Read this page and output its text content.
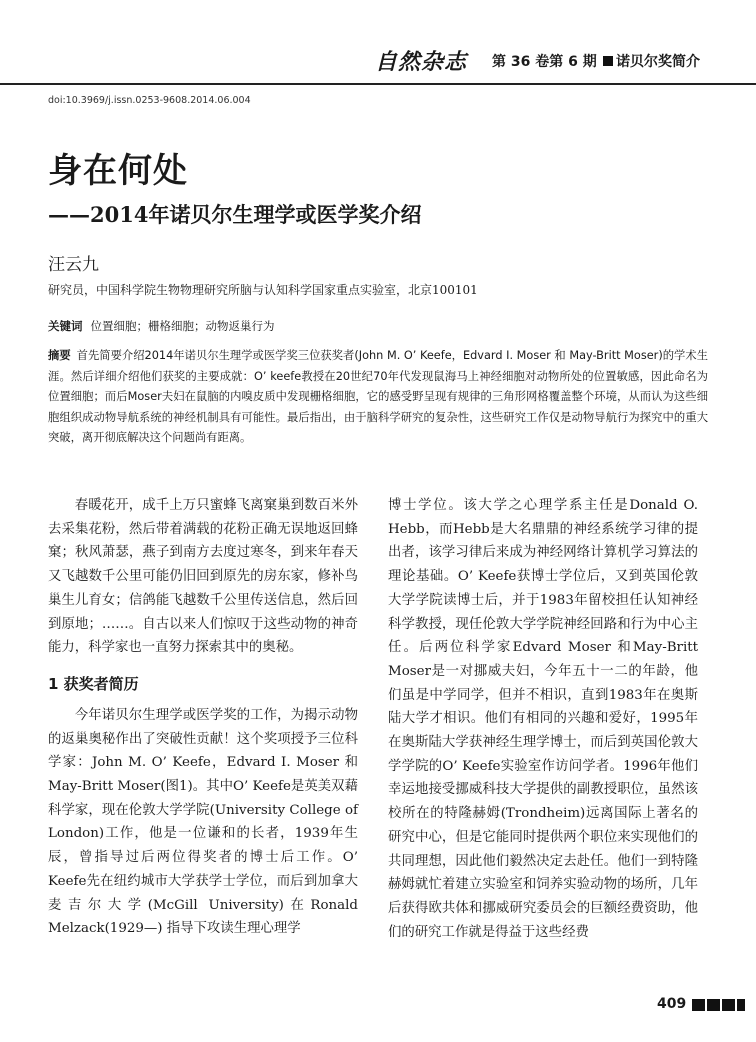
自然杂志 第 36 卷第 6 期	诺贝尔奖简介
doi:10.3969/j.issn.0253-9608.2014.06.004
身在何处
——2014年诺贝尔生理学或医学奖介绍
汪云九
研究员，中国科学院生物物理研究所脑与认知科学国家重点实验室，北京100101
关键词 位置细胞；栅格细胞；动物返巢行为
摘要 首先简要介绍2014年诺贝尔生理学或医学奖三位获奖者(John M. O’ Keefe，Edvard I. Moser 和 May-Britt Moser)的学术生涯。然后详细介绍他们获奖的主要成就：O’ keefe教授在20世纪70年代发现鼠海马上神经细胞对动物所处的位置敏感，因此命名为位置细胞；而后Moser夫妇在鼠脑的内嗅皮质中发现栅格细胞，它的感受野呈现有规律的三角形网格覆盖整个环境，从而认为这些细胞组织成动物导航系统的神经机制具有可能性。最后指出，由于脑科学研究的复杂性，这些研究工作仅是动物导航行为探究中的重大突破，离开彻底解决这个问题尚有距离。

春暖花开，成千上万只蜜蜂飞离窠巢到数百米外去采集花粉，然后带着满载的花粉正确无误地返回蜂窠；秋风萧瑟，燕子到南方去度过寒冬，到来年春天又飞越数千公里可能仍旧回到原先的房东家，修补鸟巢生儿育女；信鸽能飞越数千公里传送信息，然后回到原地；……。自古以来人们惊叹于这些动物的神奇能力，科学家也一直努力探索其中的奥秘。

1 获奖者简历

今年诺贝尔生理学或医学奖的工作，为揭示动物的返巢奥秘作出了突破性贡献！这个奖项授予三位科学家：John M. O’ Keefe，Edvard I. Moser 和 May-Britt Moser(图1)。其中O’ Keefe是英美双藉科学家，现在伦敦大学学院(University College of London)工作，他是一位谦和的长者，1939年生辰，曾指导过后两位得奖者的博士后工作。O’ Keefe先在纽约城市大学获学士学位，而后到加拿大麦吉尔大学(McGill University)在Ronald Melzack(1929—) 指导下攻读生理心理学

博士学位。该大学之心理学系主任是Donald O. Hebb，而Hebb是大名鼎鼎的神经系统学习律的提出者，该学习律后来成为神经网络计算机学习算法的理论基础。O’ Keefe获博士学位后，又到英国伦敦大学学院读博士后，并于1983年留校担任认知神经科学教授，现任伦敦大学学院神经回路和行为中心主任。后两位科学家Edvard Moser 和May-Britt Moser是一对挪威夫妇，今年五十一二的年龄，他们虽是中学同学，但并不相识，直到1983年在奥斯陆大学才相识。他们有相同的兴趣和爱好，1995年在奥斯陆大学获神经生理学博士，而后到英国伦敦大学学院的O’ Keefe实验室作访问学者。1996年他们幸运地接受挪威科技大学提供的副教授职位，虽然该校所在的特隆赫姆(Trondheim)远离国际上著名的研究中心，但是它能同时提供两个职位来实现他们的共同理想，因此他们毅然决定去赴任。他们一到特隆赫姆就忙着建立实验室和饲养实验动物的场所，几年后获得欧共体和挪威研究委员会的巨额经费资助，他们的研究工作就是得益于这些经费

409
